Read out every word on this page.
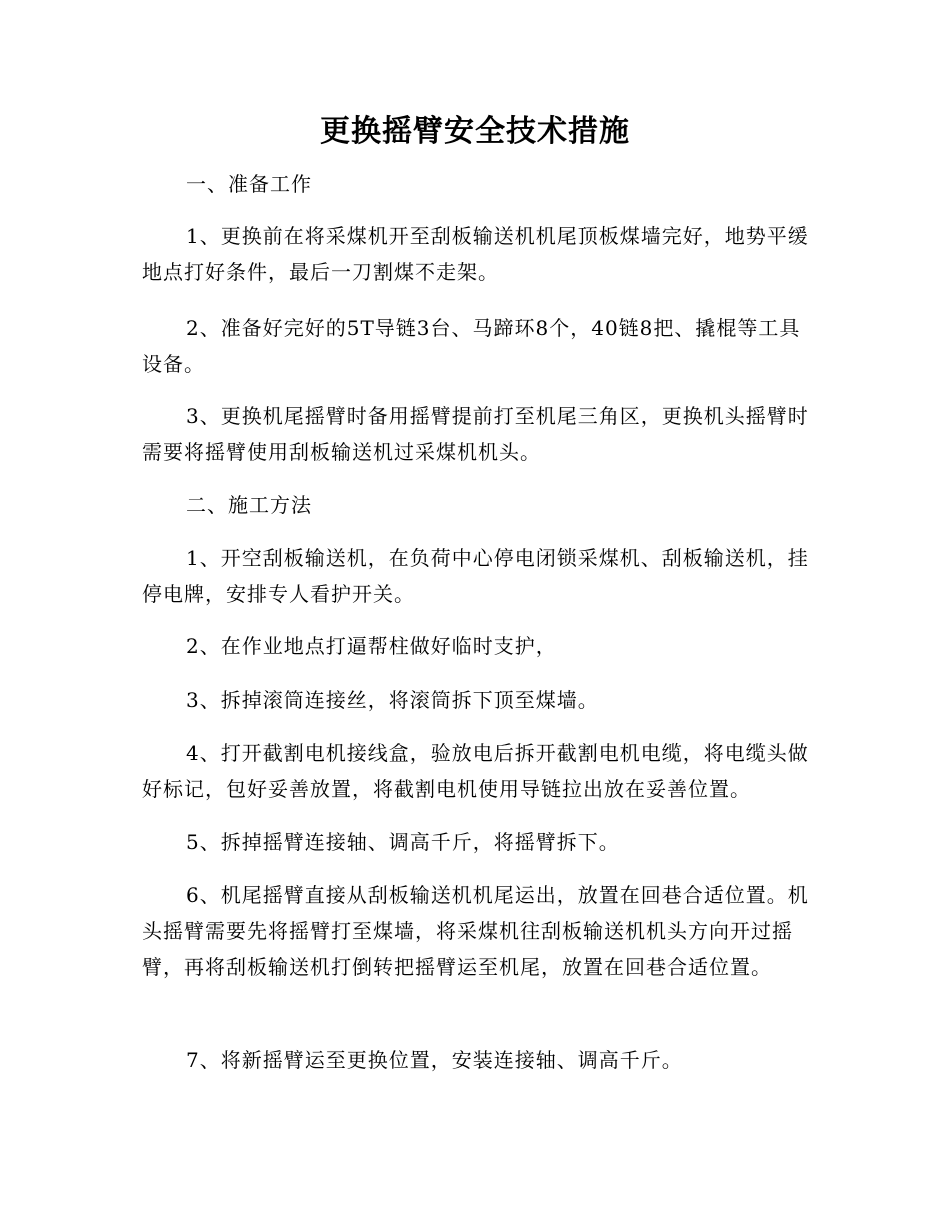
更换摇臂安全技术措施

一、准备工作

1、更换前在将采煤机开至刮板输送机机尾顶板煤墙完好，地势平缓地点打好条件，最后一刀割煤不走架。

2、准备好完好的5T导链3台、马蹄环8个，40链8把、撬棍等工具设备。

3、更换机尾摇臂时备用摇臂提前打至机尾三角区，更换机头摇臂时需要将摇臂使用刮板输送机过采煤机机头。

二、施工方法

1、开空刮板输送机，在负荷中心停电闭锁采煤机、刮板输送机，挂停电牌，安排专人看护开关。

2、在作业地点打逼帮柱做好临时支护，

3、拆掉滚筒连接丝，将滚筒拆下顶至煤墙。

4、打开截割电机接线盒，验放电后拆开截割电机电缆，将电缆头做好标记，包好妥善放置，将截割电机使用导链拉出放在妥善位置。

5、拆掉摇臂连接轴、调高千斤，将摇臂拆下。

6、机尾摇臂直接从刮板输送机机尾运出，放置在回巷合适位置。机头摇臂需要先将摇臂打至煤墙，将采煤机往刮板输送机机头方向开过摇臂，再将刮板输送机打倒转把摇臂运至机尾，放置在回巷合适位置。

7、将新摇臂运至更换位置，安装连接轴、调高千斤。
